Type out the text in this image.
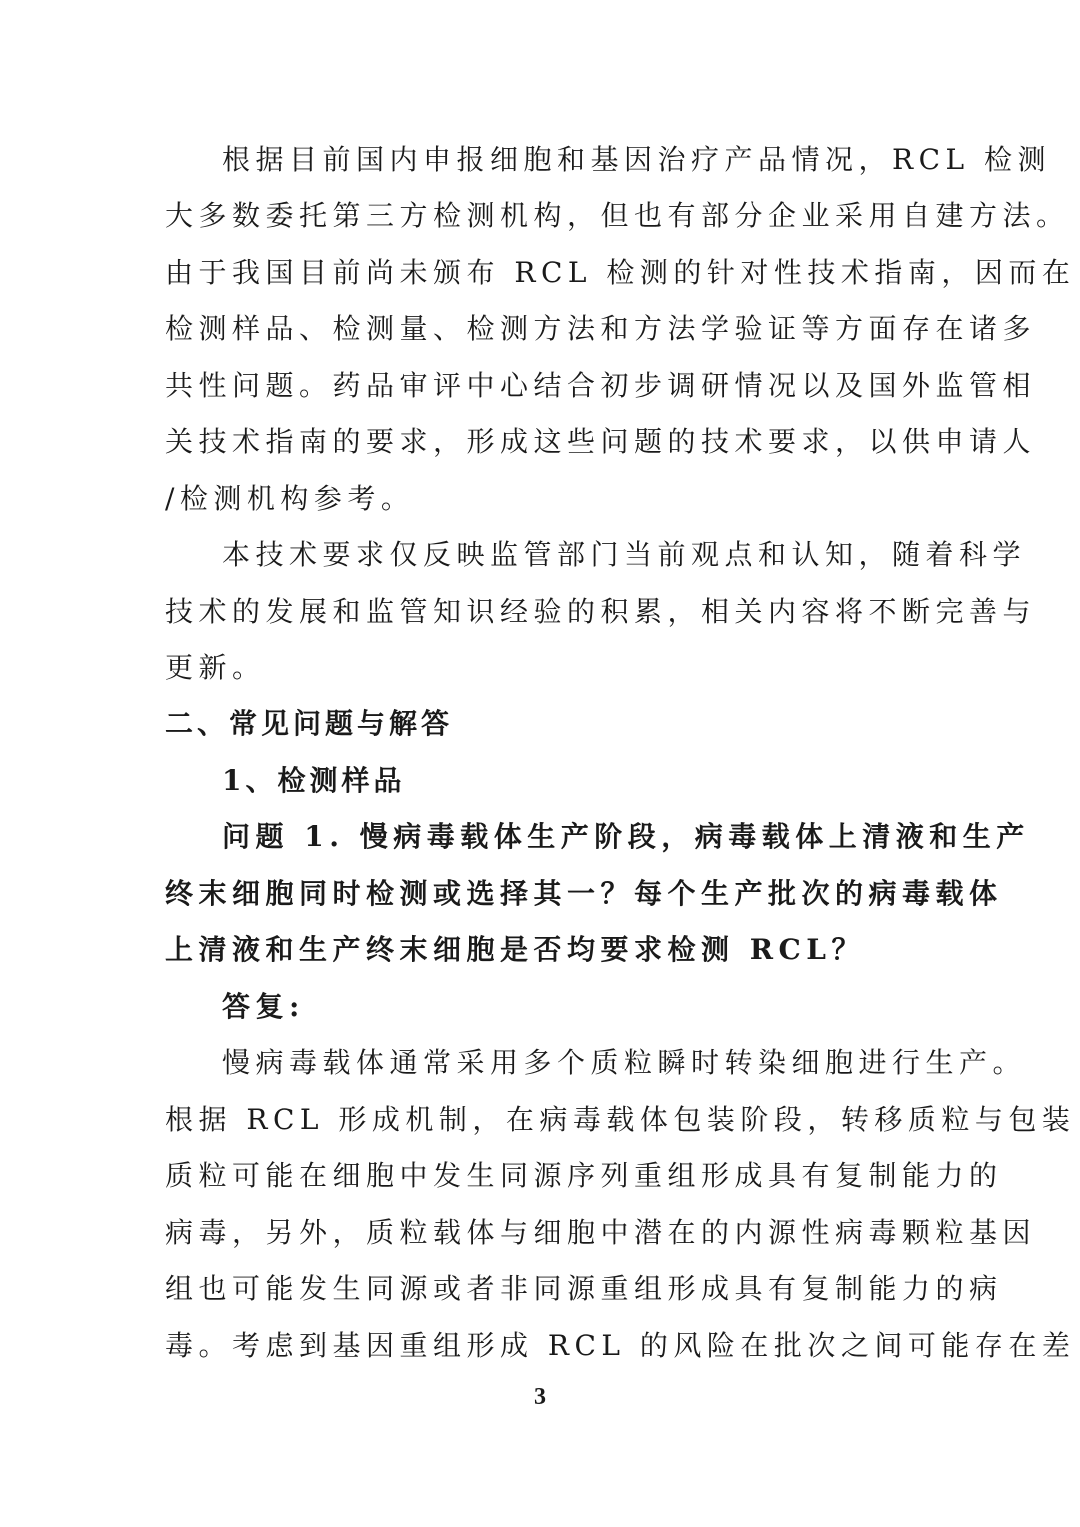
根据目前国内申报细胞和基因治疗产品情况，RCL 检测
大多数委托第三方检测机构，但也有部分企业采用自建方法。
由于我国目前尚未颁布 RCL 检测的针对性技术指南，因而在
检测样品、检测量、检测方法和方法学验证等方面存在诸多
共性问题。药品审评中心结合初步调研情况以及国外监管相
关技术指南的要求，形成这些问题的技术要求，以供申请人
/检测机构参考。
本技术要求仅反映监管部门当前观点和认知，随着科学
技术的发展和监管知识经验的积累，相关内容将不断完善与
更新。
二、常见问题与解答
1、检测样品
问题 1. 慢病毒载体生产阶段，病毒载体上清液和生产
终末细胞同时检测或选择其一？每个生产批次的病毒载体
上清液和生产终末细胞是否均要求检测 RCL？
答复:
慢病毒载体通常采用多个质粒瞬时转染细胞进行生产。
根据 RCL 形成机制，在病毒载体包装阶段，转移质粒与包装
质粒可能在细胞中发生同源序列重组形成具有复制能力的
病毒，另外，质粒载体与细胞中潜在的内源性病毒颗粒基因
组也可能发生同源或者非同源重组形成具有复制能力的病
毒。考虑到基因重组形成 RCL 的风险在批次之间可能存在差
3
